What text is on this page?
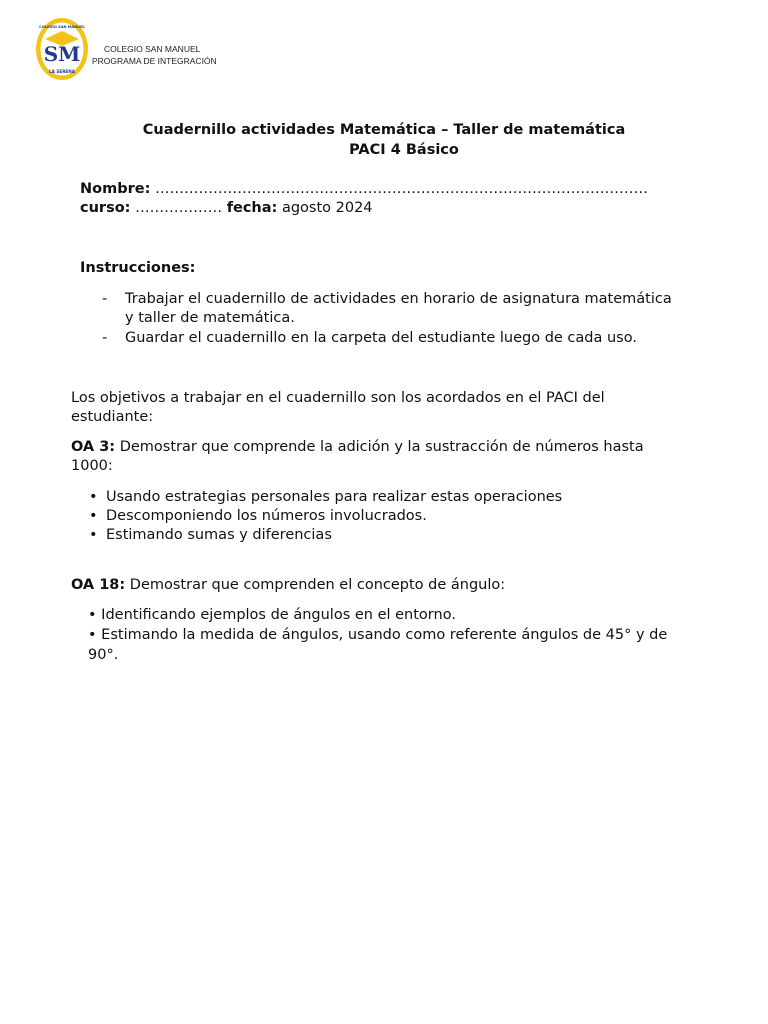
SM
LA SERENA
COLEGIO SAN MANUEL
COLEGIO SAN MANUEL
PROGRAMA DE INTEGRACIÓN
Cuadernillo actividades Matemática – Taller de matemática
PACI 4 Básico
Nombre: …………………………………………………………………………………………
curso: ……………… fecha: agosto 2024
Instrucciones:
- Trabajar el cuadernillo de actividades en horario de asignatura matemática
y taller de matemática.
- Guardar el cuadernillo en la carpeta del estudiante luego de cada uso.
Los objetivos a trabajar en el cuadernillo son los acordados en el PACI del
estudiante:
OA 3: Demostrar que comprende la adición y la sustracción de números hasta
1000:
• Usando estrategias personales para realizar estas operaciones
• Descomponiendo los números involucrados.
• Estimando sumas y diferencias
OA 18: Demostrar que comprenden el concepto de ángulo:
• Identificando ejemplos de ángulos en el entorno.
• Estimando la medida de ángulos, usando como referente ángulos de 45° y de
90°.
